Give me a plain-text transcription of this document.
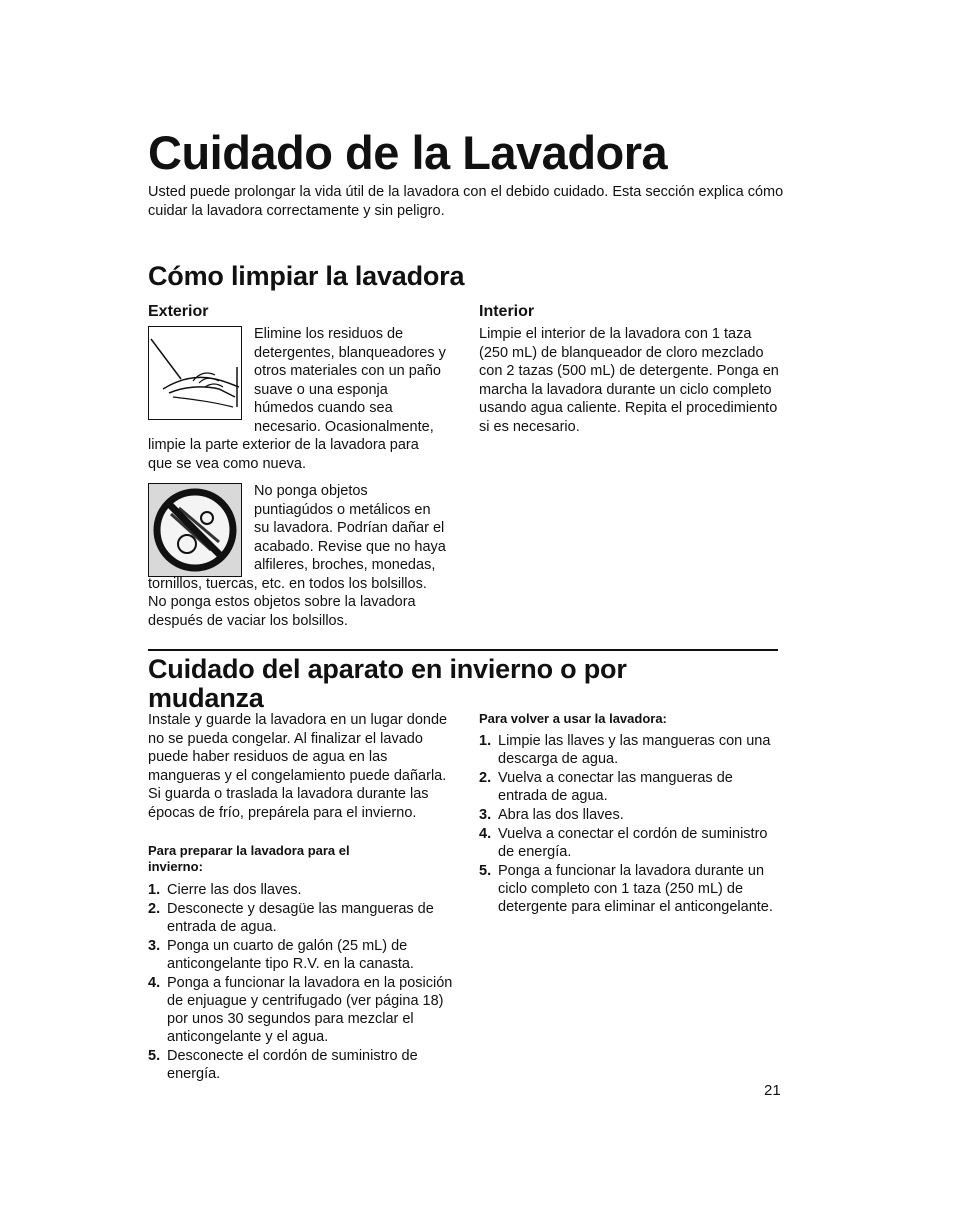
Cuidado de la Lavadora

Usted puede prolongar la vida útil de la lavadora con el debido cuidado. Esta sección explica cómo cuidar la lavadora correctamente y sin peligro.

Cómo limpiar la lavadora
Exterior	Interior

Elimine los residuos de detergentes, blanqueadores y otros materiales con un paño suave o una esponja húmedos cuando sea necesario. Ocasionalmente, limpie la parte exterior de la lavadora para que se vea como nueva.

No ponga objetos puntiagúdos o metálicos en su lavadora. Podrían dañar el acabado. Revise que no haya alfileres, broches, monedas, tornillos, tuercas, etc. en todos los bolsillos. No ponga estos objetos sobre la lavadora después de vaciar los bolsillos.

Limpie el interior de la lavadora con 1 taza (250 mL) de blanqueador de cloro mezclado con 2 tazas (500 mL) de detergente. Ponga en marcha la lavadora durante un ciclo completo usando agua caliente. Repita el procedimiento si es necesario.

Cuidado del aparato en invierno o por mudanza

Instale y guarde la lavadora en un lugar donde no se pueda congelar. Al finalizar el lavado puede haber residuos de agua en las mangueras y el congelamiento puede dañarla. Si guarda o traslada la lavadora durante las épocas de frío, prepárela para el invierno.

Para preparar la lavadora para el invierno:

1. Cierre las dos llaves.
2. Desconecte y desagüe las mangueras de entrada de agua.
3. Ponga un cuarto de galón (25 mL) de anticongelante tipo R.V. en la canasta.
4. Ponga a funcionar la lavadora en la posición de enjuague y centrifugado (ver página 18) por unos 30 segundos para mezclar el anticongelante y el agua.
5. Desconecte el cordón de suministro de energía.

Para volver a usar la lavadora:

1. Limpie las llaves y las mangueras con una descarga de agua.
2. Vuelva a conectar las mangueras de entrada de agua.
3. Abra las dos llaves.
4. Vuelva a conectar el cordón de suministro de energía.
5. Ponga a funcionar la lavadora durante un ciclo completo con 1 taza (250 mL) de detergente para eliminar el anticongelante.
21
